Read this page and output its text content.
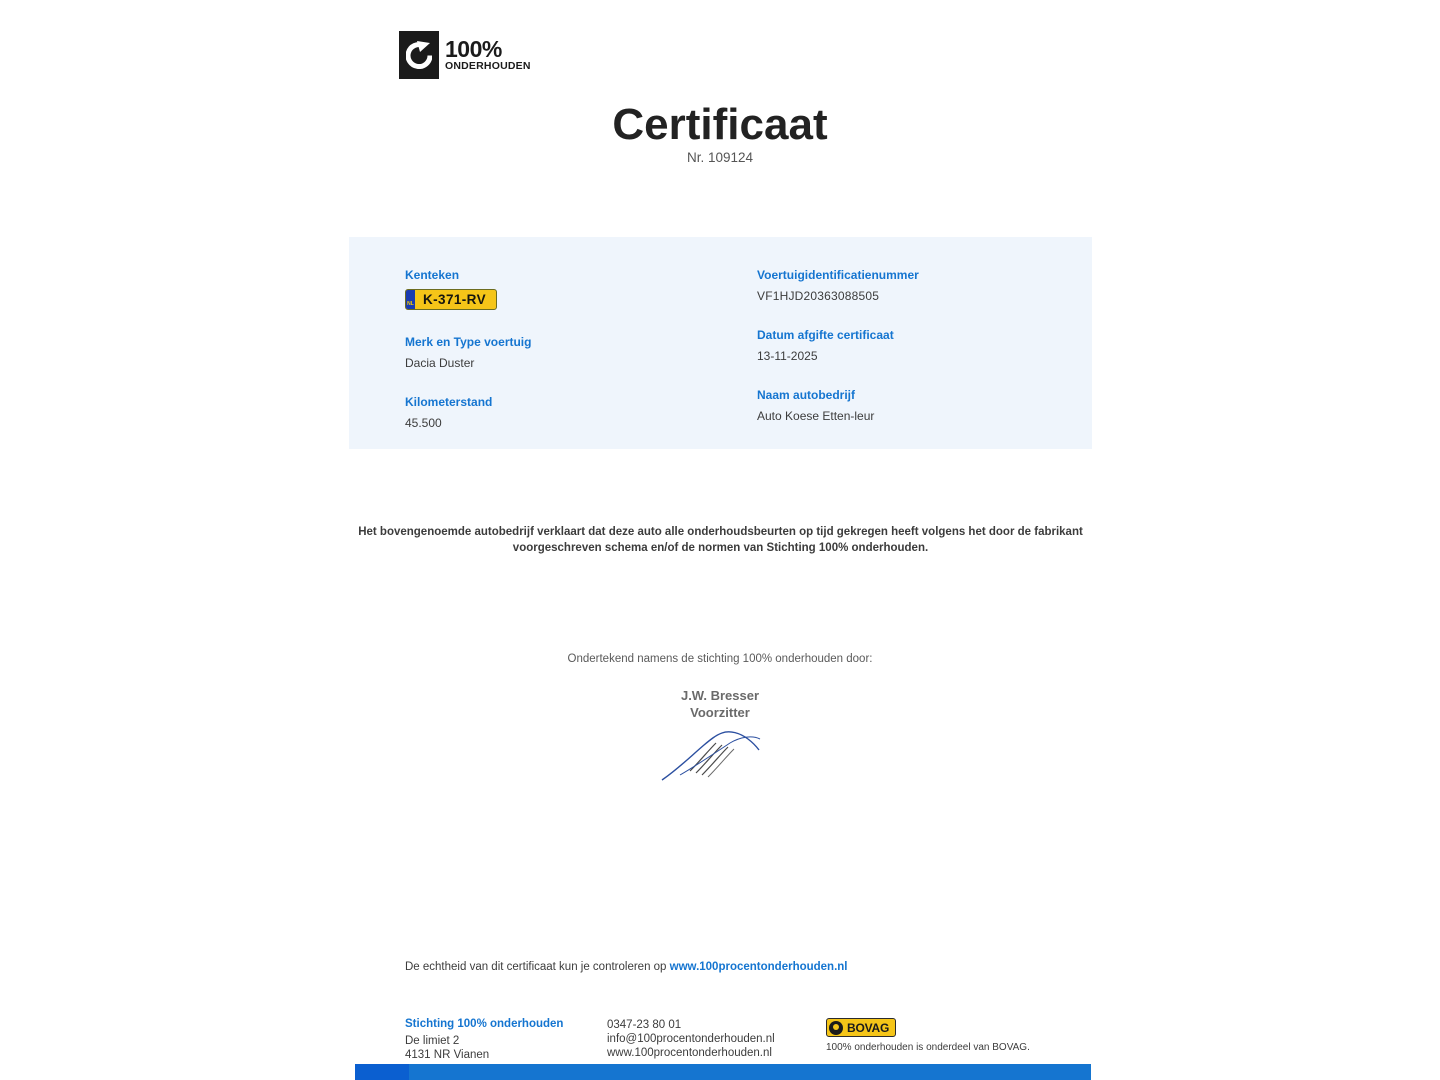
100%
ONDERHOUDEN
Certificaat
Nr. 109124
Kenteken
NL K-371-RV
Merk en Type voertuig
Dacia Duster
Kilometerstand
45.500
Voertuigidentificatienummer
VF1HJD20363088505
Datum afgifte certificaat
13-11-2025
Naam autobedrijf
Auto Koese Etten-leur
Het bovengenoemde autobedrijf verklaart dat deze auto alle onderhoudsbeurten op tijd gekregen heeft volgens het door de fabrikant voorgeschreven schema en/of de normen van Stichting 100% onderhouden.
Ondertekend namens de stichting 100% onderhouden door:
J.W. Bresser
Voorzitter
De echtheid van dit certificaat kun je controleren op www.100procentonderhouden.nl
Stichting 100% onderhouden
De limiet 2
4131 NR Vianen
0347-23 80 01
info@100procentonderhouden.nl
www.100procentonderhouden.nl
BOVAG
100% onderhouden is onderdeel van BOVAG.
